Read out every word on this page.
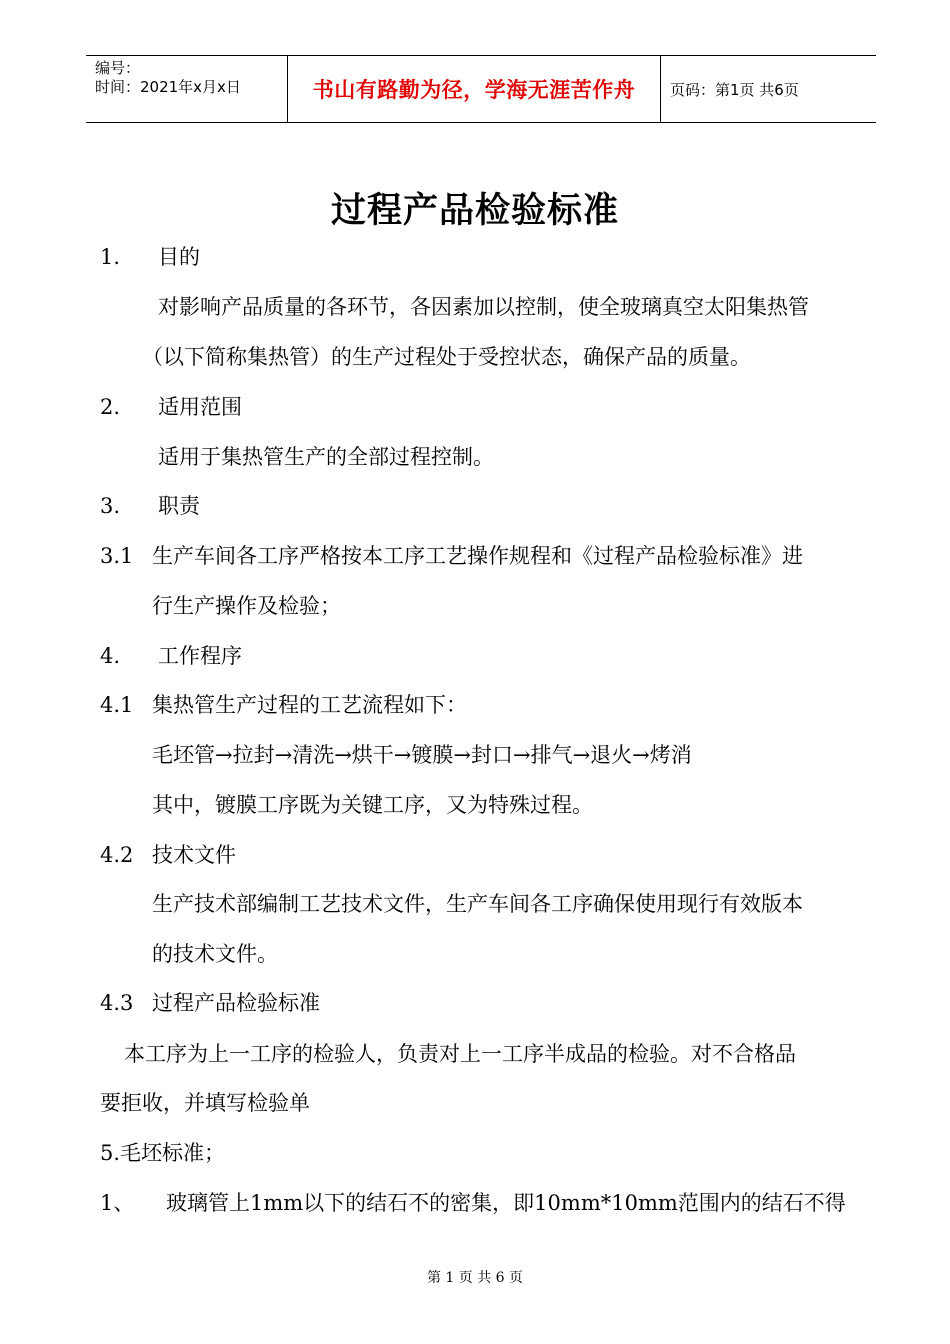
编号：
时间：2021年x月x日	书山有路勤为径，学海无涯苦作舟	页码：第1页 共6页
过程产品检验标准
1. 目的
对影响产品质量的各环节，各因素加以控制，使全玻璃真空太阳集热管
（以下简称集热管）的生产过程处于受控状态，确保产品的质量。
2. 适用范围
适用于集热管生产的全部过程控制。
3. 职责
3.1 生产车间各工序严格按本工序工艺操作规程和《过程产品检验标准》进
行生产操作及检验；
4. 工作程序
4.1 集热管生产过程的工艺流程如下：
毛坯管→拉封→清洗→烘干→镀膜→封口→排气→退火→烤消
其中，镀膜工序既为关键工序，又为特殊过程。
4.2 技术文件
生产技术部编制工艺技术文件，生产车间各工序确保使用现行有效版本
的技术文件。
4.3 过程产品检验标准
本工序为上一工序的检验人，负责对上一工序半成品的检验。对不合格品
要拒收，并填写检验单
5.毛坯标准；
1、 玻璃管上1mm以下的结石不的密集，即10mm*10mm范围内的结石不得
第 1 页 共 6 页
